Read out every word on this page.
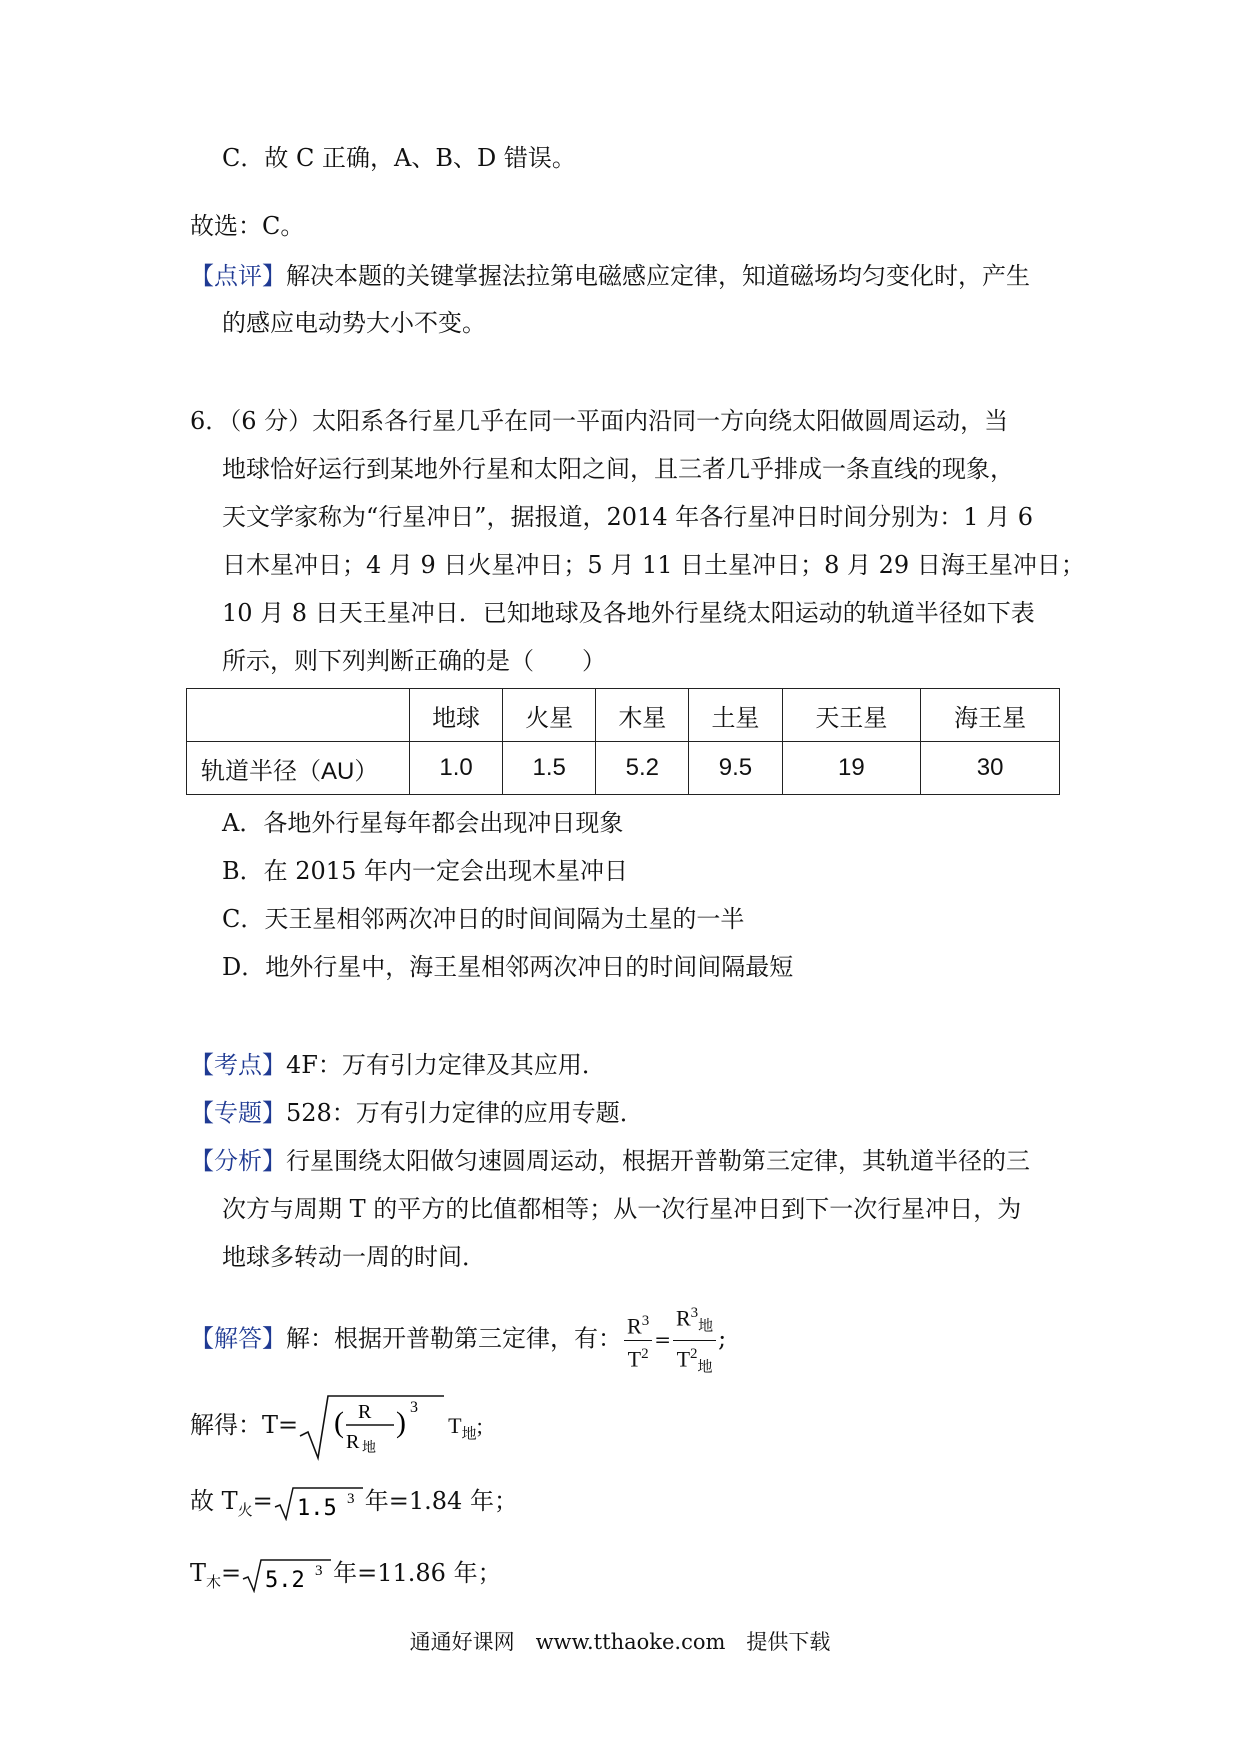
C．故 C 正确，A、B、D 错误。
故选：C。
【点评】解决本题的关键掌握法拉第电磁感应定律，知道磁场均匀变化时，产生
的感应电动势大小不变。
6．（6 分）太阳系各行星几乎在同一平面内沿同一方向绕太阳做圆周运动，当
地球恰好运行到某地外行星和太阳之间，且三者几乎排成一条直线的现象，
天文学家称为“行星冲日”，据报道，2014 年各行星冲日时间分别为：1 月 6
日木星冲日；4 月 9 日火星冲日；5 月 11 日土星冲日；8 月 29 日海王星冲日；
10 月 8 日天王星冲日．已知地球及各地外行星绕太阳运动的轨道半径如下表
所示，则下列判断正确的是（　　）
	地球	火星	木星	土星	天王星	海王星
轨道半径（AU）	1.0	1.5	5.2	9.5	19	30
A．各地外行星每年都会出现冲日现象
B．在 2015 年内一定会出现木星冲日
C．天王星相邻两次冲日的时间间隔为土星的一半
D．地外行星中，海王星相邻两次冲日的时间间隔最短
【考点】4F：万有引力定律及其应用．
【专题】528：万有引力定律的应用专题．
【分析】行星围绕太阳做匀速圆周运动，根据开普勒第三定律，其轨道半径的三
次方与周期 T 的平方的比值都相等；从一次行星冲日到下一次行星冲日，为
地球多转动一周的时间．
【解答】解：根据开普勒第三定律，有： $\frac{R^3}{T^2} = \frac{R^3_地}{T^2_地}$ ;
解得：T= ( R
R 地
) 3
$T_地$;
故 $T_火= 1.5$ 3 年=1.84 年；
$T_木= 5.2$ 3 年=11.86 年；
通通好课网　www.tthaoke.com　提供下载
